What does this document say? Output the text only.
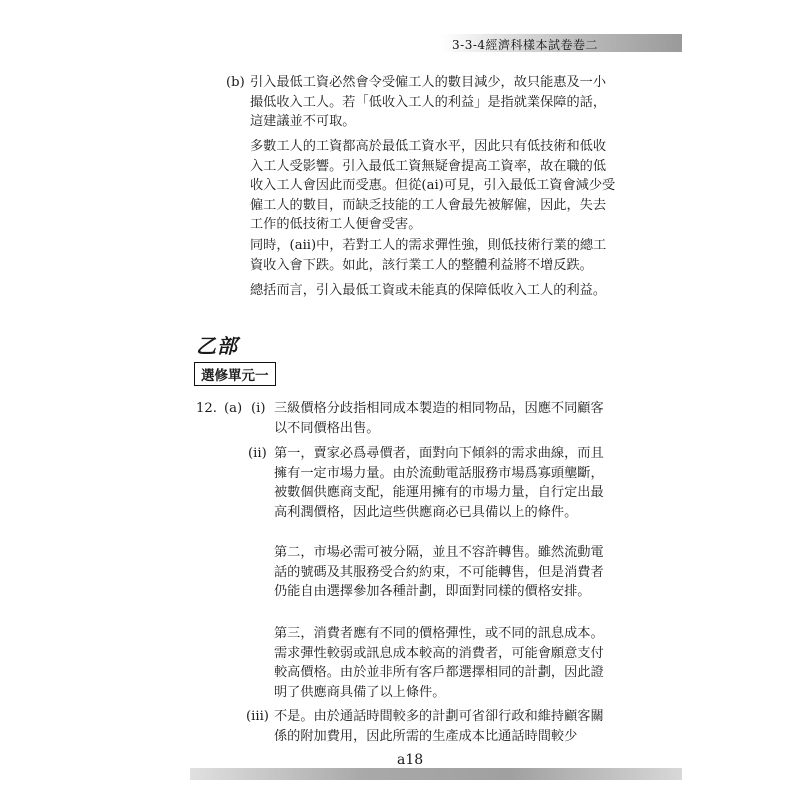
3-3-4經濟科樣本試卷卷二
(b) 引入最低工資必然會令受僱工人的數目減少，故只能惠及一小撮低收入工人。若「低收入工人的利益」是指就業保障的話，這建議並不可取。

多數工人的工資都高於最低工資水平，因此只有低技術和低收入工人受影響。引入最低工資無疑會提高工資率，故在職的低收入工人會因此而受惠。但從(ai)可見，引入最低工資會減少受僱工人的數目，而缺乏技能的工人會最先被解僱，因此，失去工作的低技術工人便會受害。

同時，(aii)中，若對工人的需求彈性強，則低技術行業的總工資收入會下跌。如此，該行業工人的整體利益將不增反跌。

總括而言，引入最低工資或未能真的保障低收入工人的利益。

乙部
選修單元一
12. (a) (i) 三級價格分歧指相同成本製造的相同物品，因應不同顧客以不同價格出售。

(ii) 第一，賣家必爲尋價者，面對向下傾斜的需求曲線，而且擁有一定市場力量。由於流動電話服務市場爲寡頭壟斷，被數個供應商支配，能運用擁有的市場力量，自行定出最高利潤價格，因此這些供應商必已具備以上的條件。

第二，市場必需可被分隔，並且不容許轉售。雖然流動電話的號碼及其服務受合約約束，不可能轉售，但是消費者仍能自由選擇參加各種計劃，即面對同樣的價格安排。

第三，消費者應有不同的價格彈性，或不同的訊息成本。需求彈性較弱或訊息成本較高的消費者，可能會願意支付較高價格。由於並非所有客戶都選擇相同的計劃，因此證明了供應商具備了以上條件。

(iii) 不是。由於通話時間較多的計劃可省卻行政和維持顧客關係的附加費用，因此所需的生產成本比通話時間較少

a18
